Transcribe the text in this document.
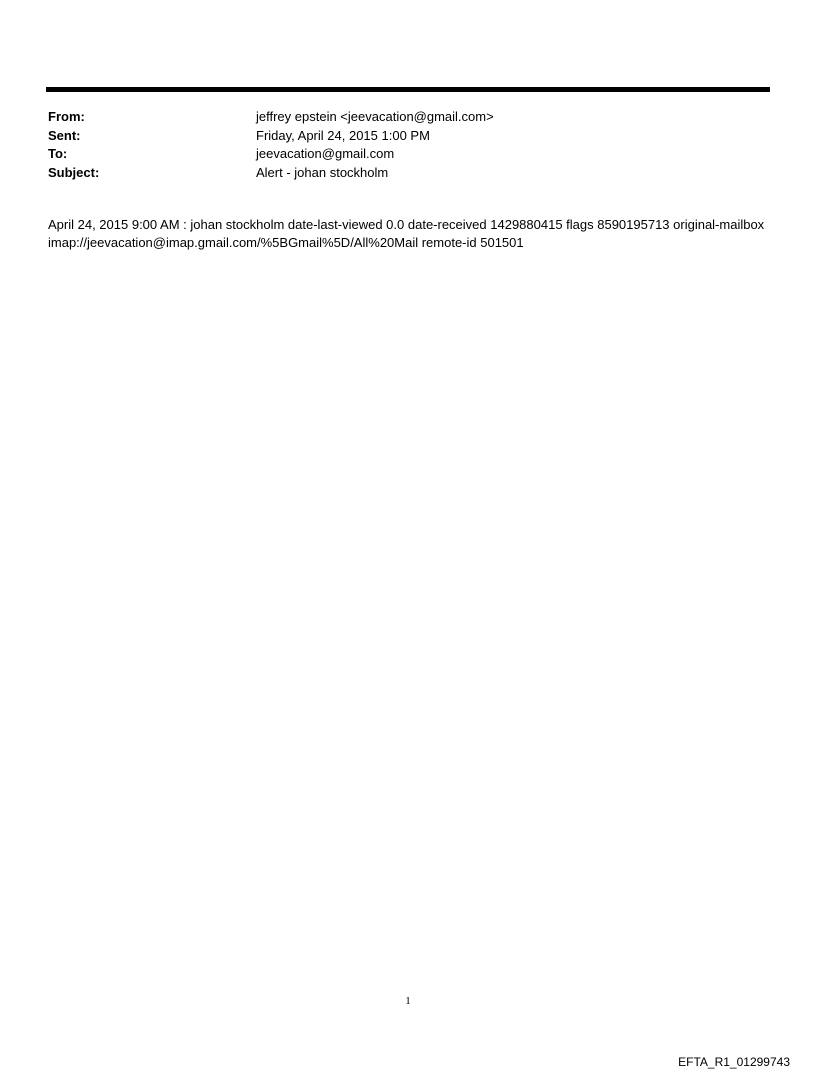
From:	jeffrey epstein <jeevacation@gmail.com>
Sent:	Friday, April 24, 2015 1:00 PM
To:	jeevacation@gmail.com
Subject:	Alert - johan stockholm
April 24, 2015 9:00 AM : johan stockholm date-last-viewed 0.0 date-received 1429880415 flags 8590195713 original-mailbox imap://jeevacation@imap.gmail.com/%5BGmail%5D/All%20Mail remote-id 501501
1
EFTA_R1_01299743
